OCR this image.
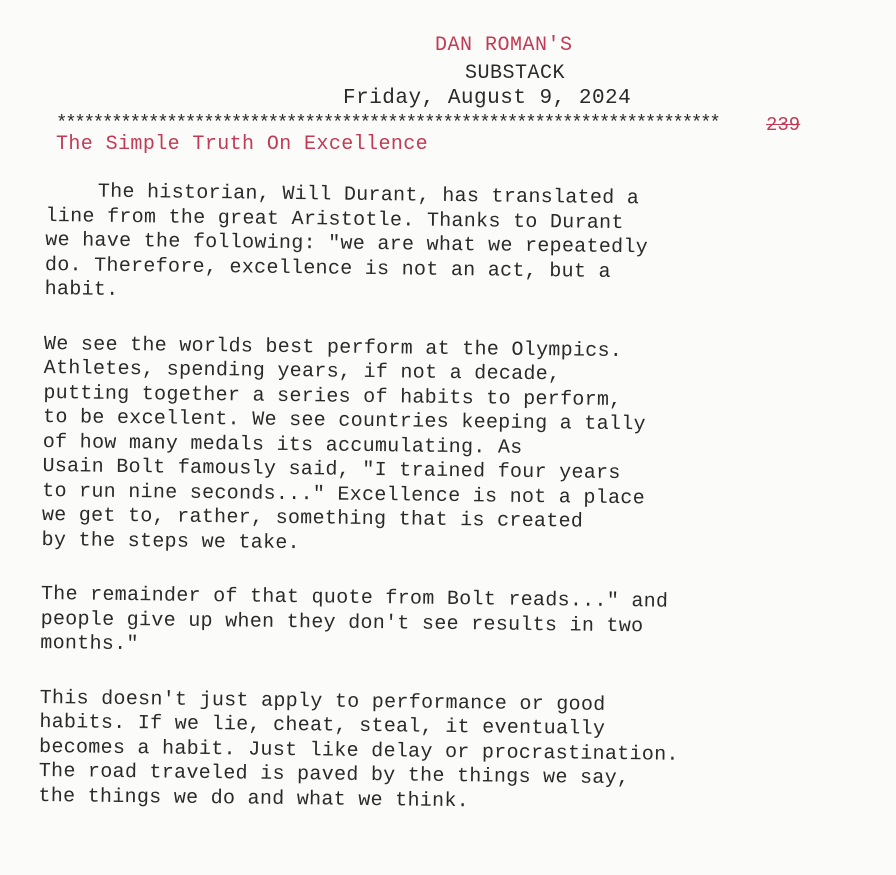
DAN ROMAN'S
SUBSTACK
Friday, August 9, 2024
************************************************************************	239
The Simple Truth On Excellence

The historian, Will Durant, has translated a
line from the great Aristotle. Thanks to Durant
we have the following: "we are what we repeatedly
do. Therefore, excellence is not an act, but a
habit.

We see the worlds best perform at the Olympics.
Athletes, spending years, if not a decade,
putting together a series of habits to perform,
to be excellent. We see countries keeping a tally
of how many medals its accumulating. As
Usain Bolt famously said, "I trained four years
to run nine seconds..." Excellence is not a place
we get to, rather, something that is created
by the steps we take.

The remainder of that quote from Bolt reads..." and
people give up when they don't see results in two
months."

This doesn't just apply to performance or good
habits. If we lie, cheat, steal, it eventually
becomes a habit. Just like delay or procrastination.
The road traveled is paved by the things we say,
the things we do and what we think.
